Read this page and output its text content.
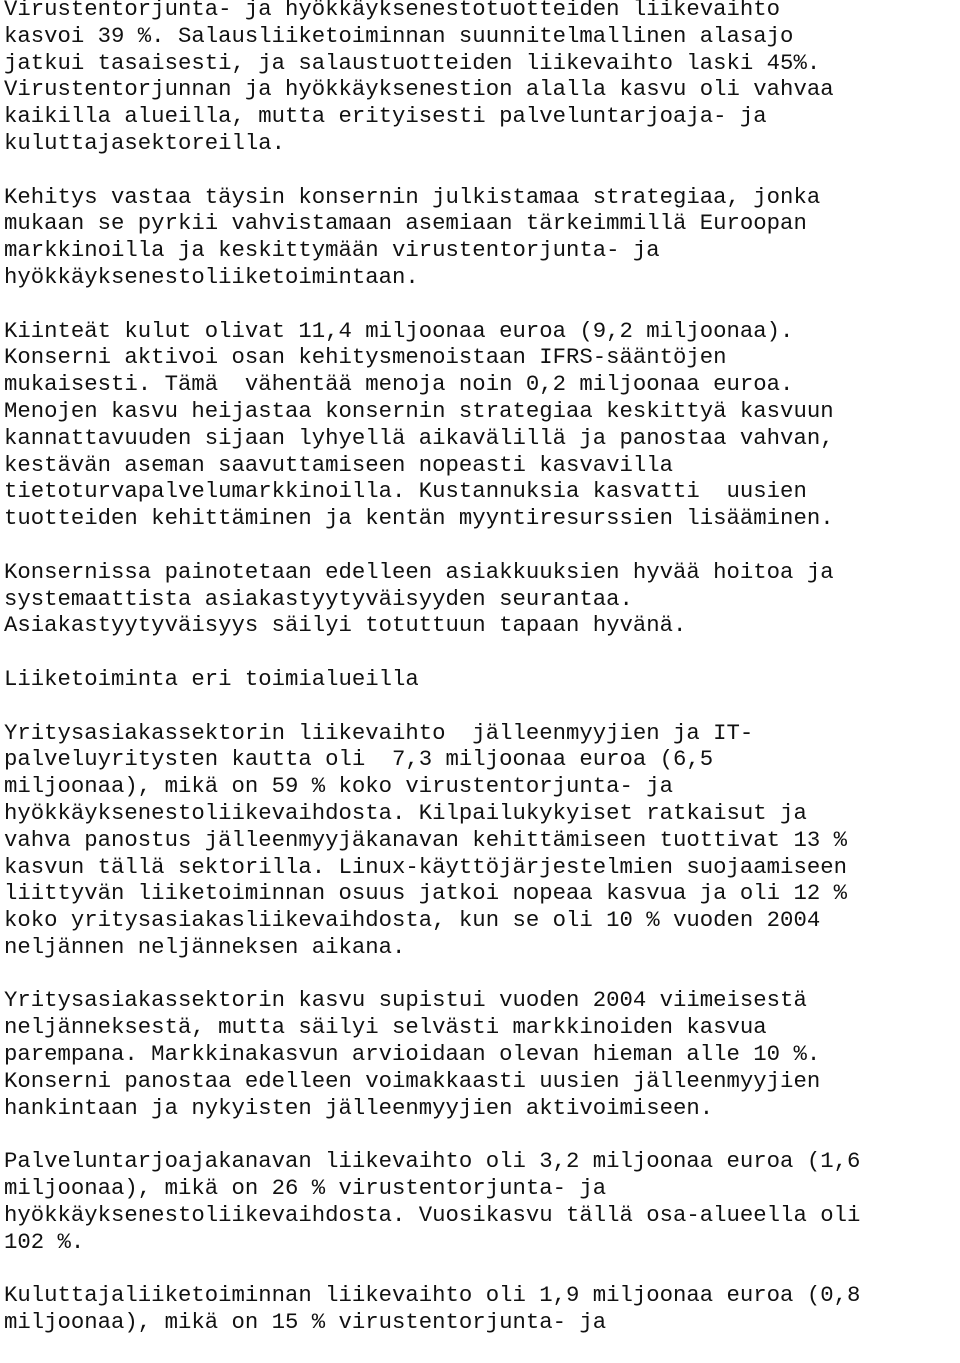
Virustentorjunta- ja hyökkäyksenestotuotteiden liikevaihto
kasvoi 39 %. Salausliiketoiminnan suunnitelmallinen alasajo
jatkui tasaisesti, ja salaustuotteiden liikevaihto laski 45%.
Virustentorjunnan ja hyökkäyksenestion alalla kasvu oli vahvaa
kaikilla alueilla, mutta erityisesti palveluntarjoaja- ja
kuluttajasektoreilla.
Kehitys vastaa täysin konsernin julkistamaa strategiaa, jonka
mukaan se pyrkii vahvistamaan asemiaan tärkeimmillä Euroopan
markkinoilla ja keskittymään virustentorjunta- ja
hyökkäyksenestoliiketoimintaan.
Kiinteät kulut olivat 11,4 miljoonaa euroa (9,2 miljoonaa).
Konserni aktivoi osan kehitysmenoistaan IFRS-sääntöjen
mukaisesti. Tämä  vähentää menoja noin 0,2 miljoonaa euroa.
Menojen kasvu heijastaa konsernin strategiaa keskittyä kasvuun
kannattavuuden sijaan lyhyellä aikavälillä ja panostaa vahvan,
kestävän aseman saavuttamiseen nopeasti kasvavilla
tietoturvapalvelumarkkinoilla. Kustannuksia kasvatti  uusien
tuotteiden kehittäminen ja kentän myyntiresurssien lisääminen.
Konsernissa painotetaan edelleen asiakkuuksien hyvää hoitoa ja
systemaattista asiakastyytyväisyyden seurantaa.
Asiakastyytyväisyys säilyi totuttuun tapaan hyvänä.
Liiketoiminta eri toimialueilla
Yritysasiakassektorin liikevaihto  jälleenmyyjien ja IT-
palveluyritysten kautta oli  7,3 miljoonaa euroa (6,5
miljoonaa), mikä on 59 % koko virustentorjunta- ja
hyökkäyksenestoliikevaihdosta. Kilpailukykyiset ratkaisut ja
vahva panostus jälleenmyyjäkanavan kehittämiseen tuottivat 13 %
kasvun tällä sektorilla. Linux-käyttöjärjestelmien suojaamiseen
liittyvän liiketoiminnan osuus jatkoi nopeaa kasvua ja oli 12 %
koko yritysasiakasliikevaihdosta, kun se oli 10 % vuoden 2004
neljännen neljänneksen aikana.
Yritysasiakassektorin kasvu supistui vuoden 2004 viimeisestä
neljänneksestä, mutta säilyi selvästi markkinoiden kasvua
parempana. Markkinakasvun arvioidaan olevan hieman alle 10 %.
Konserni panostaa edelleen voimakkaasti uusien jälleenmyyjien
hankintaan ja nykyisten jälleenmyyjien aktivoimiseen.
Palveluntarjoajakanavan liikevaihto oli 3,2 miljoonaa euroa (1,6
miljoonaa), mikä on 26 % virustentorjunta- ja
hyökkäyksenestoliikevaihdosta. Vuosikasvu tällä osa-alueella oli
102 %.
Kuluttajaliiketoiminnan liikevaihto oli 1,9 miljoonaa euroa (0,8
miljoonaa), mikä on 15 % virustentorjunta- ja
